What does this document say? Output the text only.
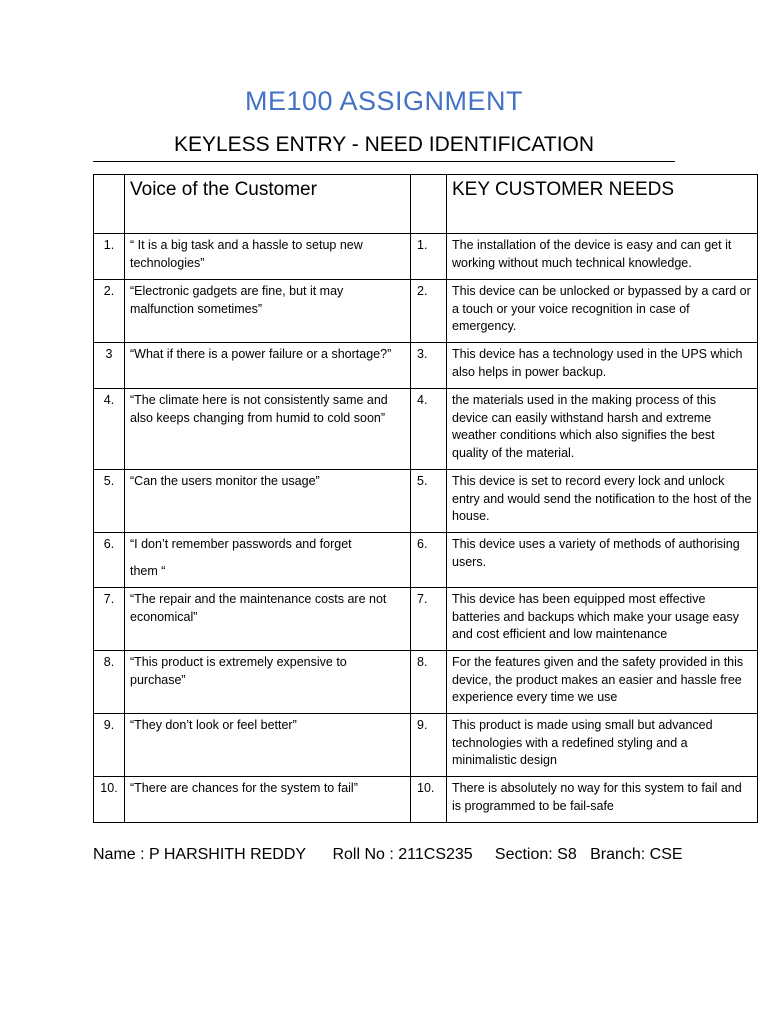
ME100 ASSIGNMENT
KEYLESS ENTRY - NEED IDENTIFICATION
	Voice of the Customer		KEY CUSTOMER NEEDS
1.	“ It is a big task and a hassle to setup new technologies”	1.	The installation of the device is easy and can get it working without much technical knowledge.
2.	“Electronic gadgets are fine, but it may malfunction sometimes”	2.	This device can be unlocked or bypassed by a card or a touch or your voice recognition in case of emergency.
3	“What if there is a power failure or a shortage?”	3.	This device has a technology used in the UPS which also helps in power backup.
4.	“The climate here is not consistently same and also keeps changing from humid to cold soon”	4.	the materials used in the making process of this device can easily withstand harsh and extreme weather conditions which also signifies the best quality of the material.
5.	“Can the users monitor the usage”	5.	This device is set to record every lock and unlock entry and would send the notification to the host of the house.
6.	“I don’t remember passwords and forget
them “	6.	This device uses a variety of methods of authorising users.
7.	“The repair and the maintenance costs are not economical”	7.	This device has been equipped most effective batteries and backups which make your usage easy and cost efficient and low maintenance
8.	“This product is extremely expensive to purchase”	8.	For the features given and the safety provided in this device, the product makes an easier and hassle free experience every time we use
9.	“They don’t look or feel better”	9.	This product is made using small but advanced technologies with a redefined styling and a minimalistic design
10.	“There are chances for the system to fail”	10.	There is absolutely no way for this system to fail and is programmed to be fail-safe
Name : P HARSHITH REDDY      Roll No : 211CS235     Section: S8   Branch: CSE
